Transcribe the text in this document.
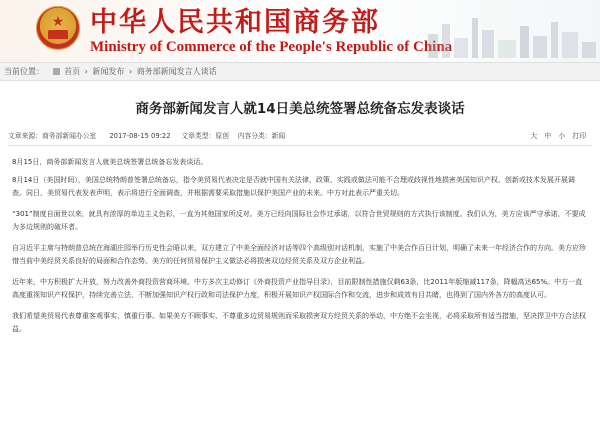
★ 中华人民共和国商务部
Ministry of Commerce of the People's Republic of China
当前位置：	首页 › 新闻发布 › 商务部新闻发言人谈话
商务部新闻发言人就14日美总统签署总统备忘发表谈话
文章来源：商务部新闻办公室 2017-08-15 09:22 文章类型：原创 内容分类：新闻	大 中 小 打印

8月15日，商务部新闻发言人就美总统签署总统备忘发表谈话。

8月14日（美国时间），美国总统特朗普签署总统备忘，指令美贸易代表决定是否就中国有关法律、政策、实践或做法可能不合理或歧视性地损害美国知识产权、创新或技术发展开展调查。同日，美贸易代表发表声明，表示将进行全面调查，并根据需要采取措施以保护美国产业的未来。中方对此表示严重关切。

“301”制度自面世以来，就具有浓厚的单边主义色彩，一直为其他国家所反对。美方已经向国际社会作过承诺，以符合世贸规则的方式执行该制度。我们认为，美方应该严守承诺，不要成为多边规则的破坏者。

自习近平主席与特朗普总统在海湖庄园举行历史性会晤以来，双方建立了中美全面经济对话等四个高级别对话机制，实施了中美合作百日计划，明确了未来一年经济合作的方向。美方应珍惜当前中美经贸关系良好的局面和合作态势。美方的任何贸易保护主义做法必将损害双边经贸关系及双方企业利益。

近年来，中方积极扩大开放，努力改善外商投资营商环境。中方多次主动修订《外商投资产业指导目录》，目前限制性措施仅剩63条，比2011年版缩减117条，降幅高达65%。中方一直高度重视知识产权保护，持续完善立法，不断加强知识产权行政和司法保护力度，积极开展知识产权国际合作和交流，进步和成效有目共睹，也得到了国内外各方的高度认可。

我们希望美贸易代表尊重客观事实，慎重行事。如果美方不顾事实、不尊重多边贸易规则而采取损害双方经贸关系的举动，中方绝不会坐视，必将采取所有适当措施，坚决捍卫中方合法权益。
